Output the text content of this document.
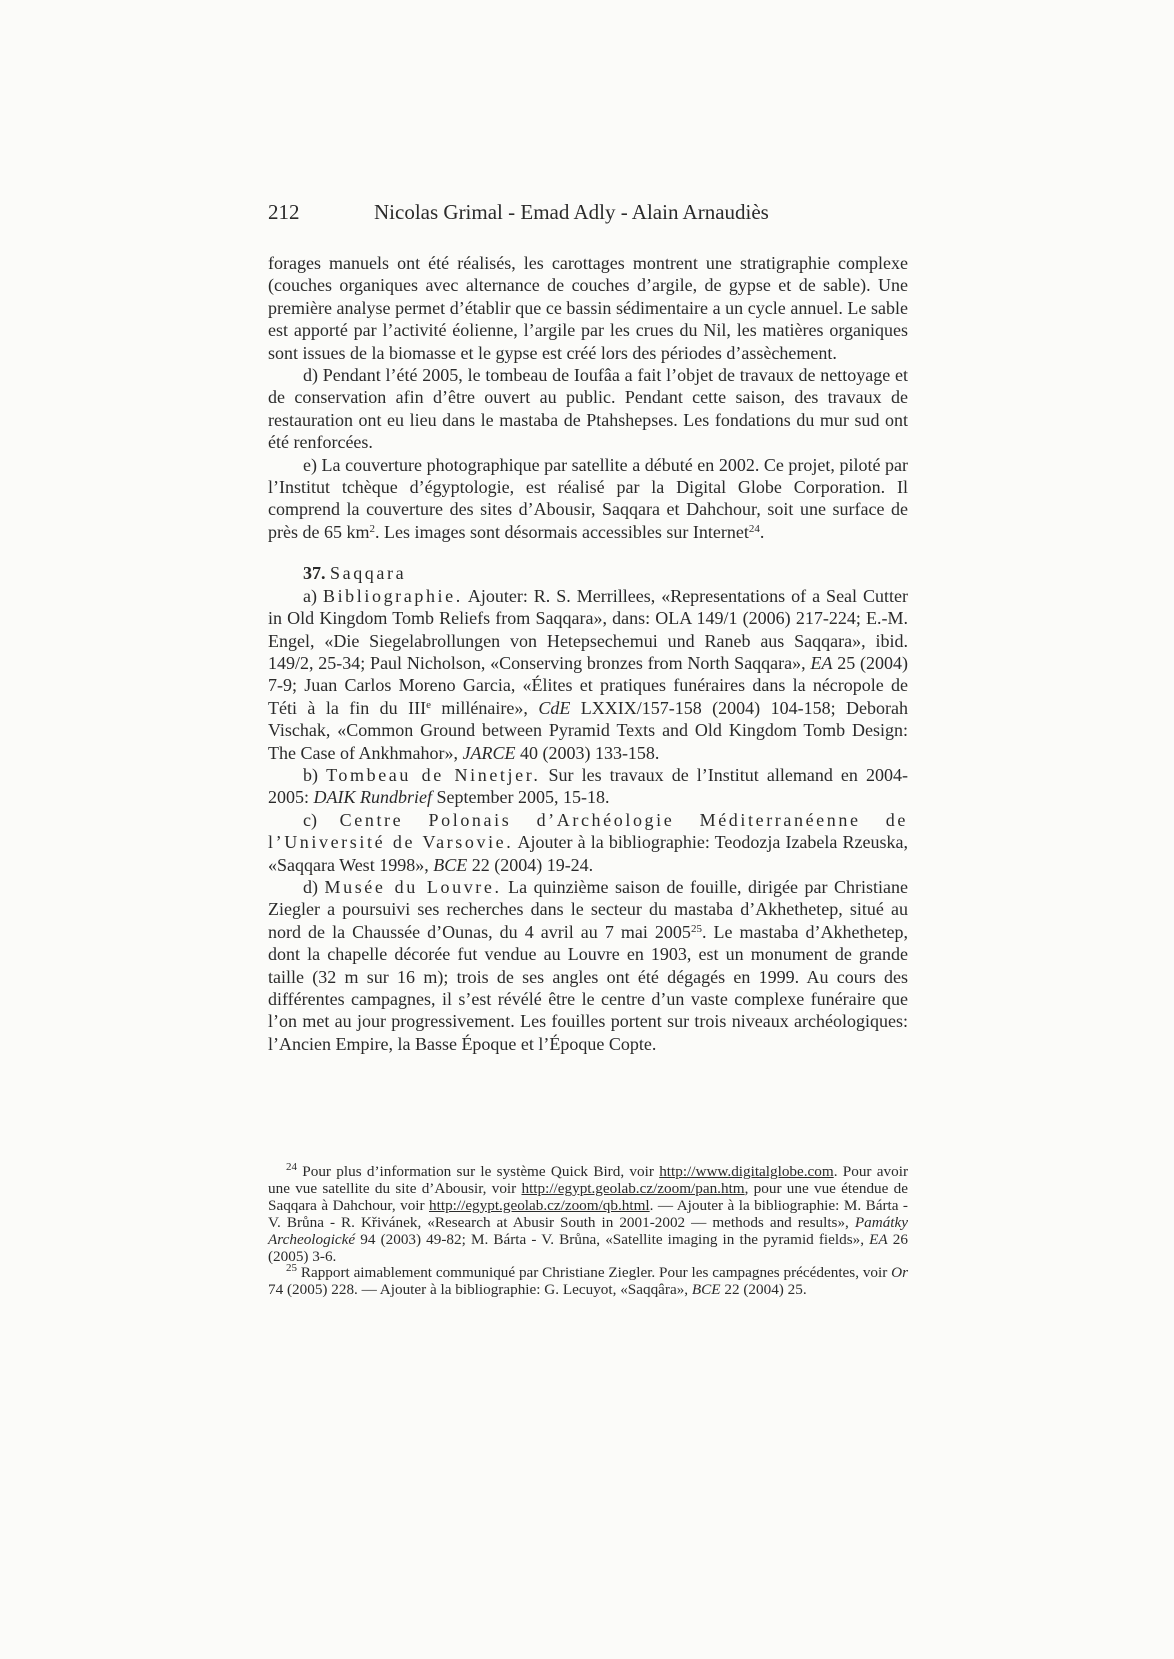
212	Nicolas Grimal - Emad Adly - Alain Arnaudiès

forages manuels ont été réalisés, les carottages montrent une stratigraphie complexe (couches organiques avec alternance de couches d’argile, de gypse et de sable). Une première analyse permet d’établir que ce bassin sédimentaire a un cycle annuel. Le sable est apporté par l’activité éolienne, l’argile par les crues du Nil, les matières organiques sont issues de la biomasse et le gypse est créé lors des périodes d’assèchement.

d) Pendant l’été 2005, le tombeau de Ioufâa a fait l’objet de travaux de nettoyage et de conservation afin d’être ouvert au public. Pendant cette saison, des travaux de restauration ont eu lieu dans le mastaba de Ptahshepses. Les fondations du mur sud ont été renforcées.

e) La couverture photographique par satellite a débuté en 2002. Ce projet, piloté par l’Institut tchèque d’égyptologie, est réalisé par la Digital Globe Corporation. Il comprend la couverture des sites d’Abousir, Saqqara et Dahchour, soit une surface de près de 65 $km^2$. Les images sont désormais accessibles sur Internet$^{24}$.

37. Saqqara

a) Bibliographie. Ajouter: R. S. Merrillees, «Representations of a Seal Cutter in Old Kingdom Tomb Reliefs from Saqqara», dans: OLA 149/1 (2006) 217-224; E.-M. Engel, «Die Siegelabrollungen von Hetepsechemui und Raneb aus Saqqara», ibid. 149/2, 25-34; Paul Nicholson, «Conserving bronzes from North Saqqara», EA 25 (2004) 7-9; Juan Carlos Moreno Garcia, «Élites et pratiques funéraires dans la nécropole de Téti à la fin du IIIe millénaire», CdE LXXIX/157-158 (2004) 104-158; Deborah Vischak, «Common Ground between Pyramid Texts and Old Kingdom Tomb Design: The Case of Ankhmahor», JARCE 40 (2003) 133-158.

b) Tombeau de Ninetjer. Sur les travaux de l’Institut allemand en 2004-2005: DAIK Rundbrief September 2005, 15-18.

c) Centre Polonais d’Archéologie Méditerranéenne de l’Université de Varsovie. Ajouter à la bibliographie: Teodozja Izabela Rzeuska, «Saqqara West 1998», BCE 22 (2004) 19-24.

d) Musée du Louvre. La quinzième saison de fouille, dirigée par Christiane Ziegler a poursuivi ses recherches dans le secteur du mastaba d’Akhethetep, situé au nord de la Chaussée d’Ounas, du 4 avril au 7 mai 2005$^{25}$. Le mastaba d’Akhethetep, dont la chapelle décorée fut vendue au Louvre en 1903, est un monument de grande taille (32 m sur 16 m); trois de ses angles ont été dégagés en 1999. Au cours des différentes campagnes, il s’est révélé être le centre d’un vaste complexe funéraire que l’on met au jour progressivement. Les fouilles portent sur trois niveaux archéologiques: l’Ancien Empire, la Basse Époque et l’Époque Copte.

$^{24}$ Pour plus d’information sur le système Quick Bird, voir http://www.digitalglobe.com. Pour avoir une vue satellite du site d’Abousir, voir http://egypt.geolab.cz/zoom/pan.htm, pour une vue étendue de Saqqara à Dahchour, voir http://egypt.geolab.cz/zoom/qb.html. — Ajouter à la bibliographie: M. Bárta - V. Brůna - R. Křivánek, «Research at Abusir South in 2001-2002 — methods and results», Památky Archeologické 94 (2003) 49-82; M. Bárta - V. Brůna, «Satellite imaging in the pyramid fields», EA 26 (2005) 3-6.

$^{25}$ Rapport aimablement communiqué par Christiane Ziegler. Pour les campagnes précédentes, voir Or 74 (2005) 228. — Ajouter à la bibliographie: G. Lecuyot, «Saqqâra», BCE 22 (2004) 25.
